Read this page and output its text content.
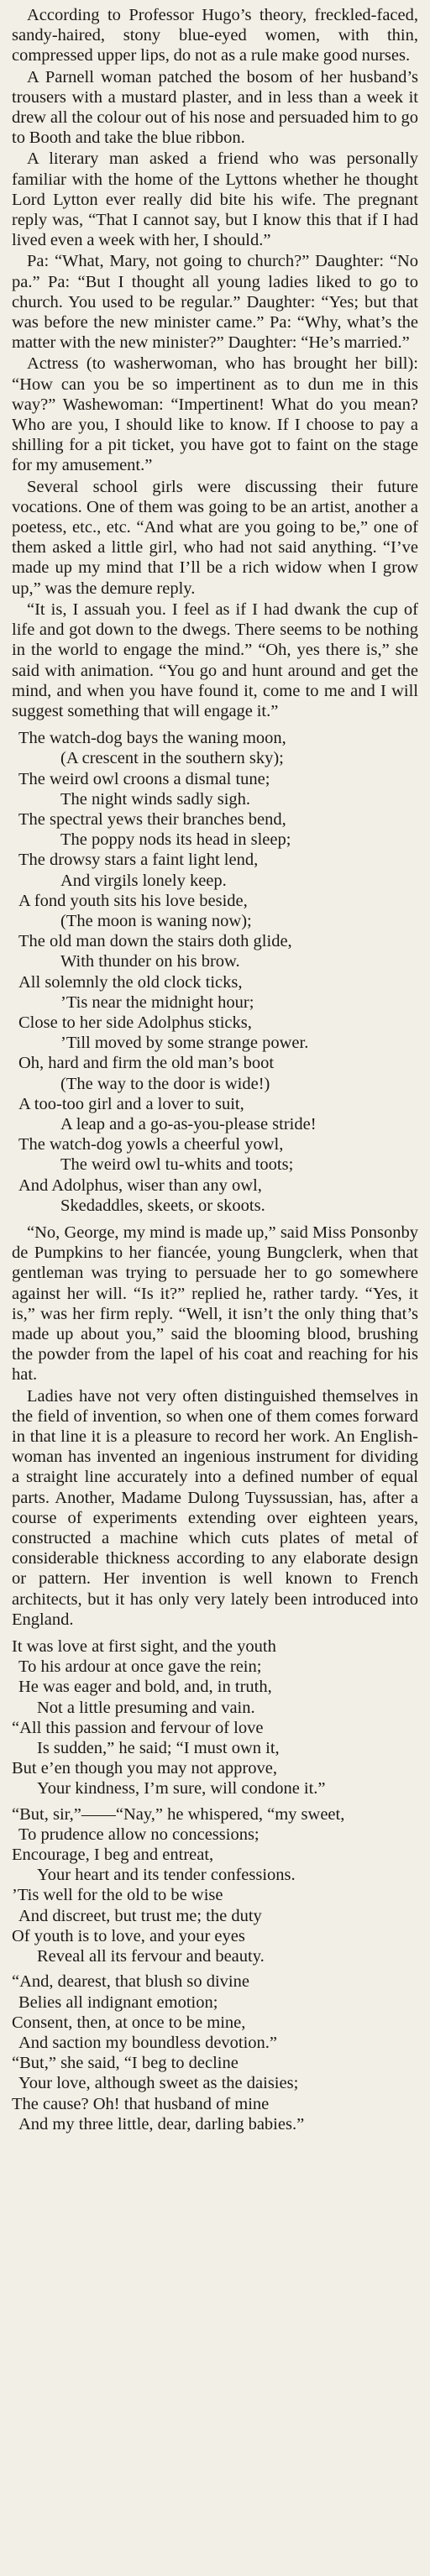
According to Professor Hugo’s theory, freckled-faced, sandy-haired, stony blue-eyed women, with thin, compressed upper lips, do not as a rule make good nurses.

A Parnell woman patched the bosom of her husband’s trousers with a mustard plaster, and in less than a week it drew all the colour out of his nose and persuaded him to go to Booth and take the blue ribbon.

A literary man asked a friend who was personally familiar with the home of the Lyttons whether he thought Lord Lytton ever really did bite his wife. The pregnant reply was, “That I cannot say, but I know this that if I had lived even a week with her, I should.”

Pa: “What, Mary, not going to church?” Daughter: “No pa.” Pa: “But I thought all young ladies liked to go to church. You used to be regular.” Daughter: “Yes; but that was before the new minister came.” Pa: “Why, what’s the matter with the new minister?” Daughter: “He’s married.”

Actress (to washerwoman, who has brought her bill): “How can you be so impertinent as to dun me in this way?” Washewoman: “Impertinent! What do you mean? Who are you, I should like to know. If I choose to pay a shilling for a pit ticket, you have got to faint on the stage for my amusement.”

Several school girls were discussing their future vocations. One of them was going to be an artist, another a poetess, etc., etc. “And what are you going to be,” one of them asked a little girl, who had not said anything. “I’ve made up my mind that I’ll be a rich widow when I grow up,” was the demure reply.

“It is, I assuah you. I feel as if I had dwank the cup of life and got down to the dwegs. There seems to be nothing in the world to engage the mind.” “Oh, yes there is,” she said with animation. “You go and hunt around and get the mind, and when you have found it, come to me and I will suggest something that will engage it.”

The watch-dog bays the waning moon,
(A crescent in the southern sky);
The weird owl croons a dismal tune;
The night winds sadly sigh.
The spectral yews their branches bend,
The poppy nods its head in sleep;
The drowsy stars a faint light lend,
And virgils lonely keep.
A fond youth sits his love beside,
(The moon is waning now);
The old man down the stairs doth glide,
With thunder on his brow.
All solemnly the old clock ticks,
’Tis near the midnight hour;
Close to her side Adolphus sticks,
’Till moved by some strange power.
Oh, hard and firm the old man’s boot
(The way to the door is wide!)
A too-too girl and a lover to suit,
A leap and a go-as-you-please stride!
The watch-dog yowls a cheerful yowl,
The weird owl tu-whits and toots;
And Adolphus, wiser than any owl,
Skedaddles, skeets, or skoots.

“No, George, my mind is made up,” said Miss Ponsonby de Pumpkins to her fiancée, young Bungclerk, when that gentleman was trying to persuade her to go somewhere against her will. “Is it?” replied he, rather tardy. “Yes, it is,” was her firm reply. “Well, it isn’t the only thing that’s made up about you,” said the blooming blood, brushing the powder from the lapel of his coat and reaching for his hat.

Ladies have not very often distinguished themselves in the field of invention, so when one of them comes forward in that line it is a pleasure to record her work. An Englishwoman has invented an ingenious instrument for dividing a straight line accurately into a defined number of equal parts. Another, Madame Dulong Tuyssussian, has, after a course of experiments extending over eighteen years, constructed a machine which cuts plates of metal of considerable thickness according to any elaborate design or pattern. Her invention is well known to French architects, but it has only very lately been introduced into England.

It was love at first sight, and the youth
To his ardour at once gave the rein;
He was eager and bold, and, in truth,
Not a little presuming and vain.
“All this passion and fervour of love
Is sudden,” he said; “I must own it,
But e’en though you may not approve,
Your kindness, I’m sure, will condone it.”
“But, sir,”——“Nay,” he whispered, “my sweet,
To prudence allow no concessions;
Encourage, I beg and entreat,
Your heart and its tender confessions.
’Tis well for the old to be wise
And discreet, but trust me; the duty
Of youth is to love, and your eyes
Reveal all its fervour and beauty.
“And, dearest, that blush so divine
Belies all indignant emotion;
Consent, then, at once to be mine,
And saction my boundless devotion.”
“But,” she said, “I beg to decline
Your love, although sweet as the daisies;
The cause? Oh! that husband of mine
And my three little, dear, darling babies.”
